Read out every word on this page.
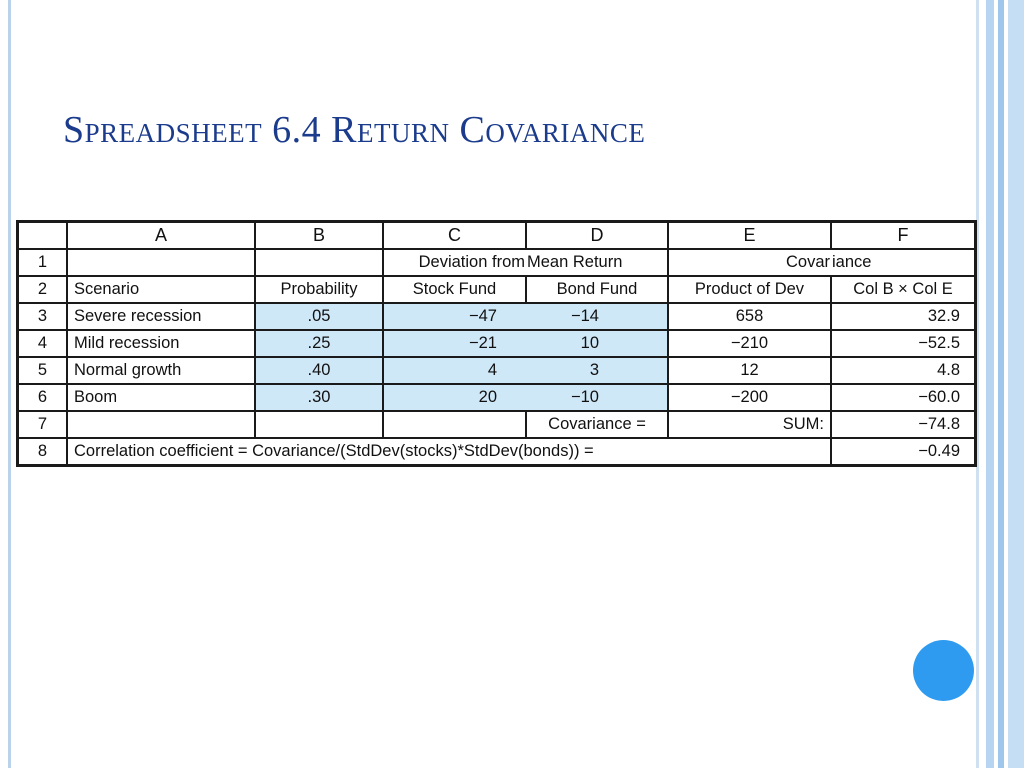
Spreadsheet 6.4 Return Covariance
	A	B	C	D	E	F
1			Deviation from	Mean Return	Covar	iance
2	Scenario	Probability	Stock Fund	Bond Fund	Product of Dev	Col B × Col E
3	Severe recession	.05	−47	−14	658	32.9
4	Mild recession	.25	−21	10	−210	−52.5
5	Normal growth	.40	4	3	12	4.8
6	Boom	.30	20	−10	−200	−60.0
7				Covariance =	SUM:	−74.8
8	Correlation coefficient = Covariance/(StdDev(stocks)*StdDev(bonds)) =					−0.49
